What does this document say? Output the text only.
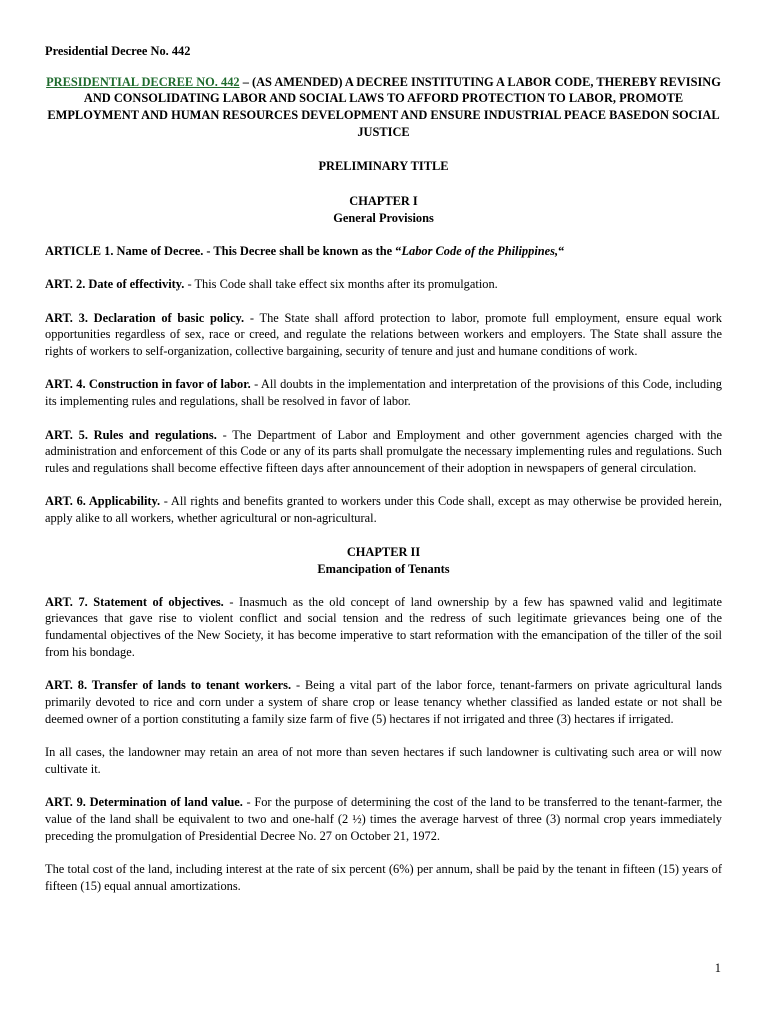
Presidential Decree No. 442
PRESIDENTIAL DECREE NO. 442 – (AS AMENDED) A DECREE INSTITUTING A LABOR CODE, THEREBY REVISING AND CONSOLIDATING LABOR AND SOCIAL LAWS TO AFFORD PROTECTION TO LABOR, PROMOTE EMPLOYMENT AND HUMAN RESOURCES DEVELOPMENT AND ENSURE INDUSTRIAL PEACE BASEDON SOCIAL JUSTICE
PRELIMINARY TITLE
CHAPTER I
General Provisions

ARTICLE 1. Name of Decree. - This Decree shall be known as the “Labor Code of the Philippines,“

ART. 2. Date of effectivity. - This Code shall take effect six months after its promulgation.

ART. 3. Declaration of basic policy. - The State shall afford protection to labor, promote full employment, ensure equal work opportunities regardless of sex, race or creed, and regulate the relations between workers and employers. The State shall assure the rights of workers to self-organization, collective bargaining, security of tenure and just and humane conditions of work.

ART. 4. Construction in favor of labor. - All doubts in the implementation and interpretation of the provisions of this Code, including its implementing rules and regulations, shall be resolved in favor of labor.

ART. 5. Rules and regulations. - The Department of Labor and Employment and other government agencies charged with the administration and enforcement of this Code or any of its parts shall promulgate the necessary implementing rules and regulations. Such rules and regulations shall become effective fifteen days after announcement of their adoption in newspapers of general circulation.

ART. 6. Applicability. - All rights and benefits granted to workers under this Code shall, except as may otherwise be provided herein, apply alike to all workers, whether agricultural or non-agricultural.

CHAPTER II
Emancipation of Tenants

ART. 7. Statement of objectives. - Inasmuch as the old concept of land ownership by a few has spawned valid and legitimate grievances that gave rise to violent conflict and social tension and the redress of such legitimate grievances being one of the fundamental objectives of the New Society, it has become imperative to start reformation with the emancipation of the tiller of the soil from his bondage.

ART. 8. Transfer of lands to tenant workers. - Being a vital part of the labor force, tenant-farmers on private agricultural lands primarily devoted to rice and corn under a system of share crop or lease tenancy whether classified as landed estate or not shall be deemed owner of a portion constituting a family size farm of five (5) hectares if not irrigated and three (3) hectares if irrigated.

In all cases, the landowner may retain an area of not more than seven hectares if such landowner is cultivating such area or will now cultivate it.

ART. 9. Determination of land value. - For the purpose of determining the cost of the land to be transferred to the tenant-farmer, the value of the land shall be equivalent to two and one-half (2 ½) times the average harvest of three (3) normal crop years immediately preceding the promulgation of Presidential Decree No. 27 on October 21, 1972.

The total cost of the land, including interest at the rate of six percent (6%) per annum, shall be paid by the tenant in fifteen (15) years of fifteen (15) equal annual amortizations.

1
